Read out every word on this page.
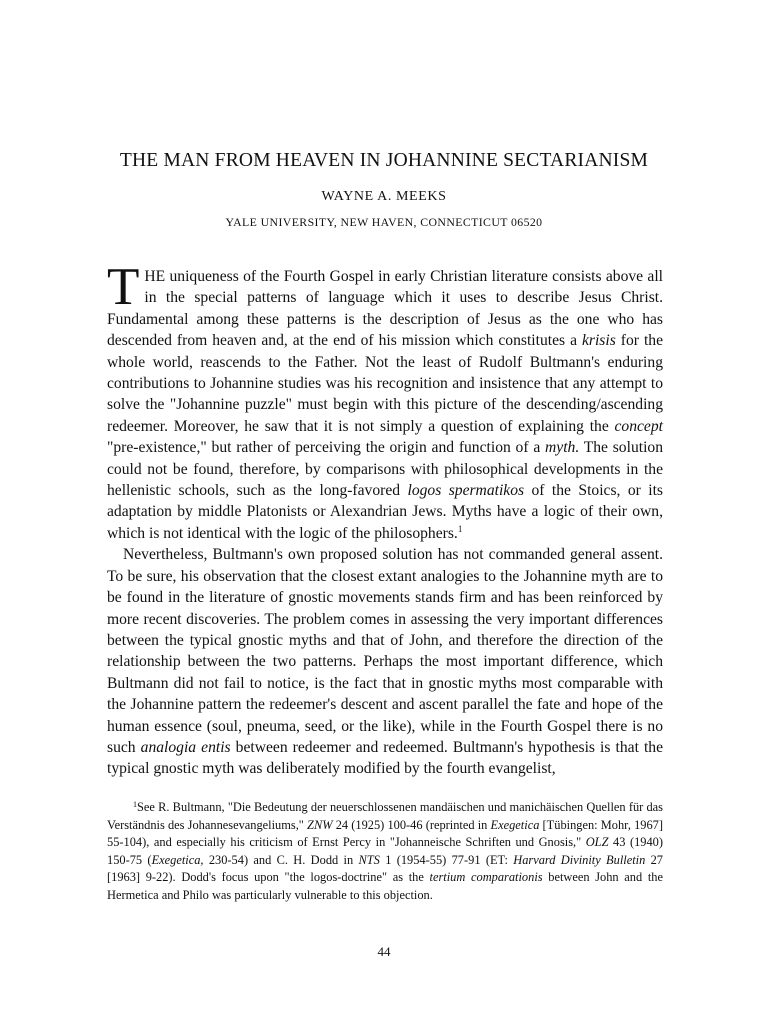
THE MAN FROM HEAVEN IN JOHANNINE SECTARIANISM
WAYNE A. MEEKS
YALE UNIVERSITY, NEW HAVEN, CONNECTICUT 06520

THE uniqueness of the Fourth Gospel in early Christian literature consists above all in the special patterns of language which it uses to describe Jesus Christ. Fundamental among these patterns is the description of Jesus as the one who has descended from heaven and, at the end of his mission which constitutes a krisis for the whole world, reascends to the Father. Not the least of Rudolf Bultmann's enduring contributions to Johannine studies was his recognition and insistence that any attempt to solve the "Johannine puzzle" must begin with this picture of the descending/ascending redeemer. Moreover, he saw that it is not simply a question of explaining the concept "pre-existence," but rather of perceiving the origin and function of a myth. The solution could not be found, therefore, by comparisons with philosophical developments in the hellenistic schools, such as the long-favored logos spermatikos of the Stoics, or its adaptation by middle Platonists or Alexandrian Jews. Myths have a logic of their own, which is not identical with the logic of the philosophers.$^1$

Nevertheless, Bultmann's own proposed solution has not commanded general assent. To be sure, his observation that the closest extant analogies to the Johannine myth are to be found in the literature of gnostic movements stands firm and has been reinforced by more recent discoveries. The problem comes in assessing the very important differences between the typical gnostic myths and that of John, and therefore the direction of the relationship between the two patterns. Perhaps the most important difference, which Bultmann did not fail to notice, is the fact that in gnostic myths most comparable with the Johannine pattern the redeemer's descent and ascent parallel the fate and hope of the human essence (soul, pneuma, seed, or the like), while in the Fourth Gospel there is no such analogia entis between redeemer and redeemed. Bultmann's hypothesis is that the typical gnostic myth was deliberately modified by the fourth evangelist,

$^1$See R. Bultmann, "Die Bedeutung der neuerschlossenen mandäischen und manichäischen Quellen für das Verständnis des Johannesevangeliums," ZNW 24 (1925) 100-46 (reprinted in Exegetica [Tübingen: Mohr, 1967] 55-104), and especially his criticism of Ernst Percy in "Johanneische Schriften und Gnosis," OLZ 43 (1940) 150-75 (Exegetica, 230-54) and C. H. Dodd in NTS 1 (1954-55) 77-91 (ET: Harvard Divinity Bulletin 27 [1963] 9-22). Dodd's focus upon "the logos-doctrine" as the tertium comparationis between John and the Hermetica and Philo was particularly vulnerable to this objection.

44
